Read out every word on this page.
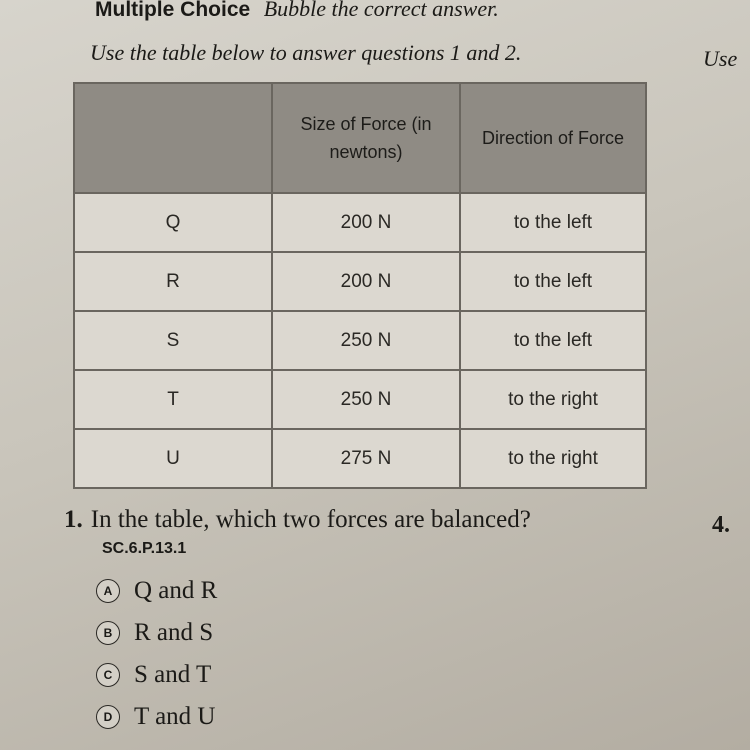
Multiple Choice Bubble the correct answer.
Use the table below to answer questions 1 and 2.	Use
	Size of Force (in newtons)	Direction of Force
Q	200 N	to the left
R	200 N	to the left
S	250 N	to the left
T	250 N	to the right
U	275 N	to the right
1. In the table, which two forces are balanced?	4.
SC.6.P.13.1
A Q and R
B R and S
C S and T
D T and U
